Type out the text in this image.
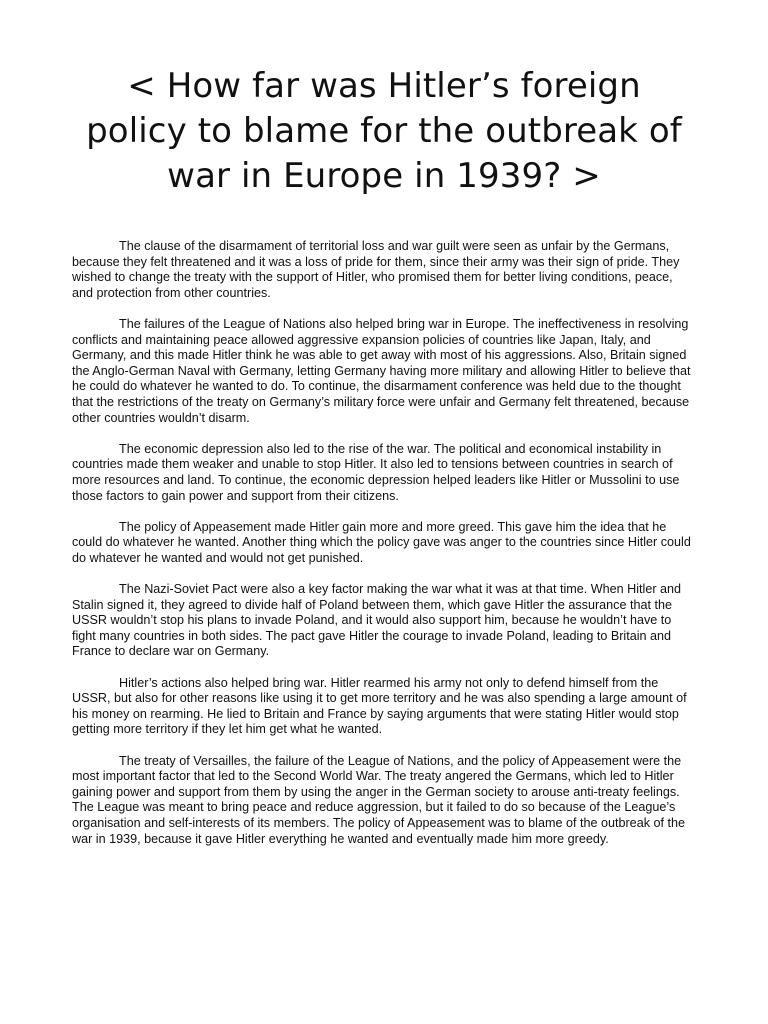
< How far was Hitler’s foreign policy to blame for the outbreak of war in Europe in 1939? >

The clause of the disarmament of territorial loss and war guilt were seen as unfair by the Germans, because they felt threatened and it was a loss of pride for them, since their army was their sign of pride. They wished to change the treaty with the support of Hitler, who promised them for better living conditions, peace, and protection from other countries.

The failures of the League of Nations also helped bring war in Europe. The ineffectiveness in resolving conflicts and maintaining peace allowed aggressive expansion policies of countries like Japan, Italy, and Germany, and this made Hitler think he was able to get away with most of his aggressions. Also, Britain signed the Anglo-German Naval with Germany, letting Germany having more military and allowing Hitler to believe that he could do whatever he wanted to do. To continue, the disarmament conference was held due to the thought that the restrictions of the treaty on Germany’s military force were unfair and Germany felt threatened, because other countries wouldn’t disarm.

The economic depression also led to the rise of the war. The political and economical instability in countries made them weaker and unable to stop Hitler. It also led to tensions between countries in search of more resources and land. To continue, the economic depression helped leaders like Hitler or Mussolini to use those factors to gain power and support from their citizens.

The policy of Appeasement made Hitler gain more and more greed. This gave him the idea that he could do whatever he wanted. Another thing which the policy gave was anger to the countries since Hitler could do whatever he wanted and would not get punished.

The Nazi-Soviet Pact were also a key factor making the war what it was at that time. When Hitler and Stalin signed it, they agreed to divide half of Poland between them, which gave Hitler the assurance that the USSR wouldn’t stop his plans to invade Poland, and it would also support him, because he wouldn’t have to fight many countries in both sides. The pact gave Hitler the courage to invade Poland, leading to Britain and France to declare war on Germany.

Hitler’s actions also helped bring war. Hitler rearmed his army not only to defend himself from the USSR, but also for other reasons like using it to get more territory and he was also spending a large amount of his money on rearming. He lied to Britain and France by saying arguments that were stating Hitler would stop getting more territory if they let him get what he wanted.

The treaty of Versailles, the failure of the League of Nations, and the policy of Appeasement were the most important factor that led to the Second World War. The treaty angered the Germans, which led to Hitler gaining power and support from them by using the anger in the German society to arouse anti-treaty feelings. The League was meant to bring peace and reduce aggression, but it failed to do so because of the League’s organisation and self-interests of its members. The policy of Appeasement was to blame of the outbreak of the war in 1939, because it gave Hitler everything he wanted and eventually made him more greedy.
